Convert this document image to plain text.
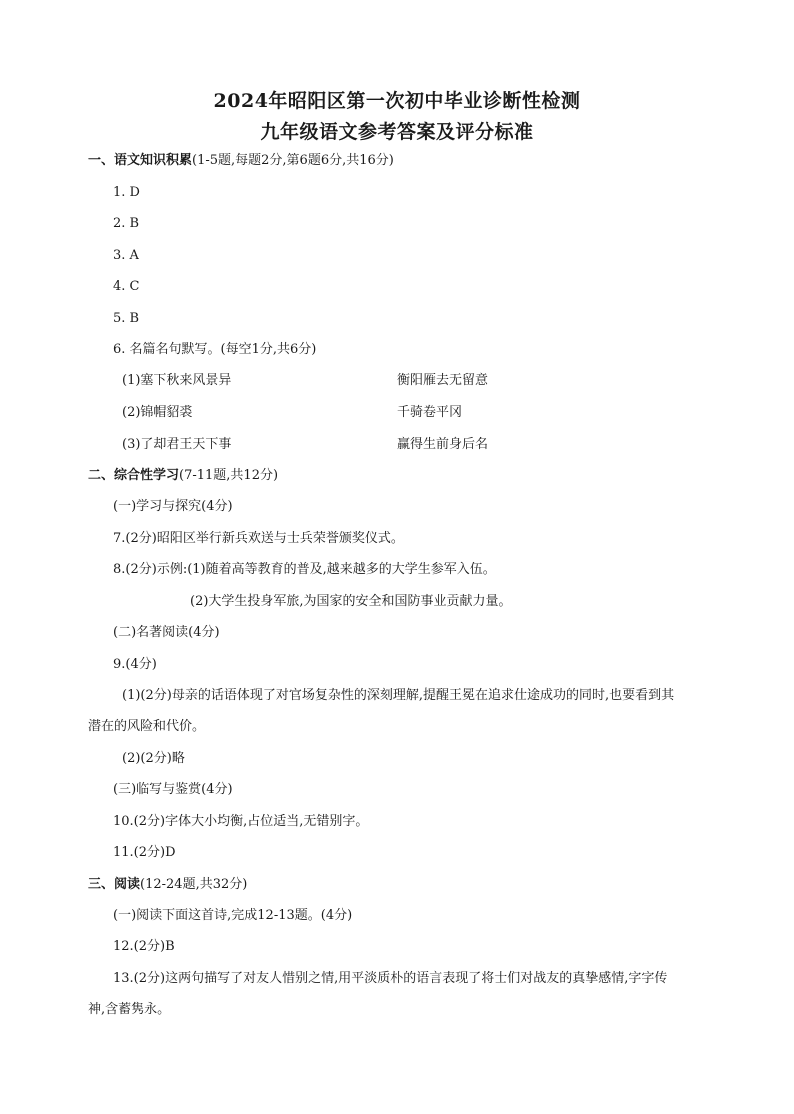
2024年昭阳区第一次初中毕业诊断性检测
九年级语文参考答案及评分标准
一、语文知识积累(1-5题,每题2分,第6题6分,共16分)
1. D
2. B
3. A
4. C
5. B
6. 名篇名句默写。(每空1分,共6分)
(1)塞下秋来风景异	衡阳雁去无留意
(2)锦帽貂裘	千骑卷平冈
(3)了却君王天下事	赢得生前身后名
二、综合性学习(7-11题,共12分)
(一)学习与探究(4分)
7.(2分)昭阳区举行新兵欢送与士兵荣誉颁奖仪式。
8.(2分)示例:(1)随着高等教育的普及,越来越多的大学生参军入伍。
(2)大学生投身军旅,为国家的安全和国防事业贡献力量。
(二)名著阅读(4分)
9.(4分)
(1)(2分)母亲的话语体现了对官场复杂性的深刻理解,提醒王冕在追求仕途成功的同时,也要看到其
潜在的风险和代价。
(2)(2分)略
(三)临写与鉴赏(4分)
10.(2分)字体大小均衡,占位适当,无错别字。
11.(2分)D
三、阅读(12-24题,共32分)
(一)阅读下面这首诗,完成12-13题。(4分)
12.(2分)B
13.(2分)这两句描写了对友人惜别之情,用平淡质朴的语言表现了将士们对战友的真挚感情,字字传
神,含蓄隽永。
